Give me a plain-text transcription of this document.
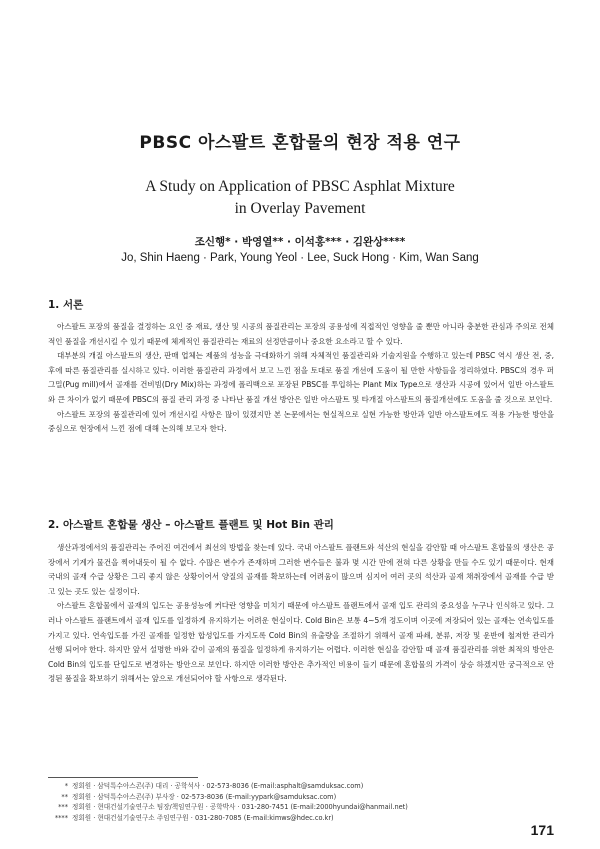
PBSC 아스팔트 혼합물의 현장 적용 연구
A Study on Application of PBSC Asphlat Mixture
in Overlay Pavement
조신행* · 박영열** · 이석홍*** · 김완상****
Jo, Shin Haeng · Park, Young Yeol · Lee, Suck Hong · Kim, Wan Sang
1. 서론

아스팔트 포장의 품질을 결정하는 요인 중 재료, 생산 및 시공의 품질관리는 포장의 공용성에 직접적인 영향을 줄 뿐만 아니라 충분한 관심과 주의로 전체적인 품질을 개선시킬 수 있기 때문에 체계적인 품질관리는 재료의 선정만큼이나 중요한 요소라고 할 수 있다.

대부분의 개질 아스팔트의 생산, 판매 업체는 제품의 성능을 극대화하기 위해 자체적인 품질관리와 기술지원을 수행하고 있는데 PBSC 역시 생산 전, 중, 후에 따른 품질관리를 실시하고 있다. 이러한 품질관리 과정에서 보고 느낀 점을 토대로 품질 개선에 도움이 될 만한 사항들을 정리하였다. PBSC의 경우 퍼그밀(Pug mill)에서 골재를 건비빔(Dry Mix)하는 과정에 폴리백으로 포장된 PBSC를 투입하는 Plant Mix Type으로 생산과 시공에 있어서 일반 아스팔트와 큰 차이가 없기 때문에 PBSC의 품질 관리 과정 중 나타난 품질 개선 방안은 일반 아스팔트 및 타개질 아스팔트의 품질개선에도 도움을 줄 것으로 보인다.

아스팔트 포장의 품질관리에 있어 개선시킬 사항은 많이 있겠지만 본 논문에서는 현실적으로 실현 가능한 방안과 일반 아스팔트에도 적용 가능한 방안을 중심으로 현장에서 느낀 점에 대해 논의해 보고자 한다.

2. 아스팔트 혼합물 생산 – 아스팔트 플랜트 및 Hot Bin 관리

생산과정에서의 품질관리는 주어진 여건에서 최선의 방법을 찾는데 있다. 국내 아스팔트 플랜트와 석산의 현실을 감안할 때 아스팔트 혼합물의 생산은 공장에서 기계가 물건을 찍어내듯이 될 수 없다. 수많은 변수가 존재하며 그러한 변수들은 불과 몇 시간 만에 전혀 다른 상황을 만들 수도 있기 때문이다. 현재 국내의 골재 수급 상황은 그리 좋지 않은 상황이어서 양질의 골재를 확보하는데 어려움이 많으며 심지어 여러 곳의 석산과 골재 채취장에서 골재를 수급 받고 있는 곳도 있는 실정이다.

아스팔트 혼합물에서 골재의 입도는 공용성능에 커다란 영향을 미치기 때문에 아스팔트 플랜트에서 골재 입도 관리의 중요성을 누구나 인식하고 있다. 그러나 아스팔트 플랜트에서 골재 입도를 일정하게 유지하기는 어려운 현실이다. Cold Bin은 보통 4~5개 정도이며 이곳에 저장되어 있는 골재는 연속입도를 가지고 있다. 연속입도를 가진 골재를 일정한 합성입도를 가지도록 Cold Bin의 유출량을 조절하기 위해서 골재 파쇄, 분류, 저장 및 운반에 철저한 관리가 선행 되어야 한다. 하지만 앞서 설명한 바와 같이 골재의 품질을 일정하게 유지하기는 어렵다. 이러한 현실을 감안할 때 골재 품질관리를 위한 최적의 방안은 Cold Bin의 입도를 단입도로 변경하는 방안으로 보인다. 하지만 이러한 방안은 추가적인 비용이 들기 때문에 혼합물의 가격이 상승 하겠지만 궁극적으로 안정된 품질을 확보하기 위해서는 앞으로 개선되어야 할 사항으로 생각된다.

* 정회원 · 삼덕특수아스콘(주) 대리 · 공학석사 · 02-573-8036 (E-mail:asphalt@samduksac.com)
** 정회원 · 삼덕특수아스콘(주) 부사장 · 02-573-8036 (E-mail:yypark@samduksac.com)
*** 정회원 · 현대건설기술연구소 팀장/책임연구원 · 공학박사 · 031-280-7451 (E-mail:2000hyundai@hanmail.net)
**** 정회원 · 현대건설기술연구소 주임연구원 · 031-280-7085 (E-mail:kimws@hdec.co.kr)
171
